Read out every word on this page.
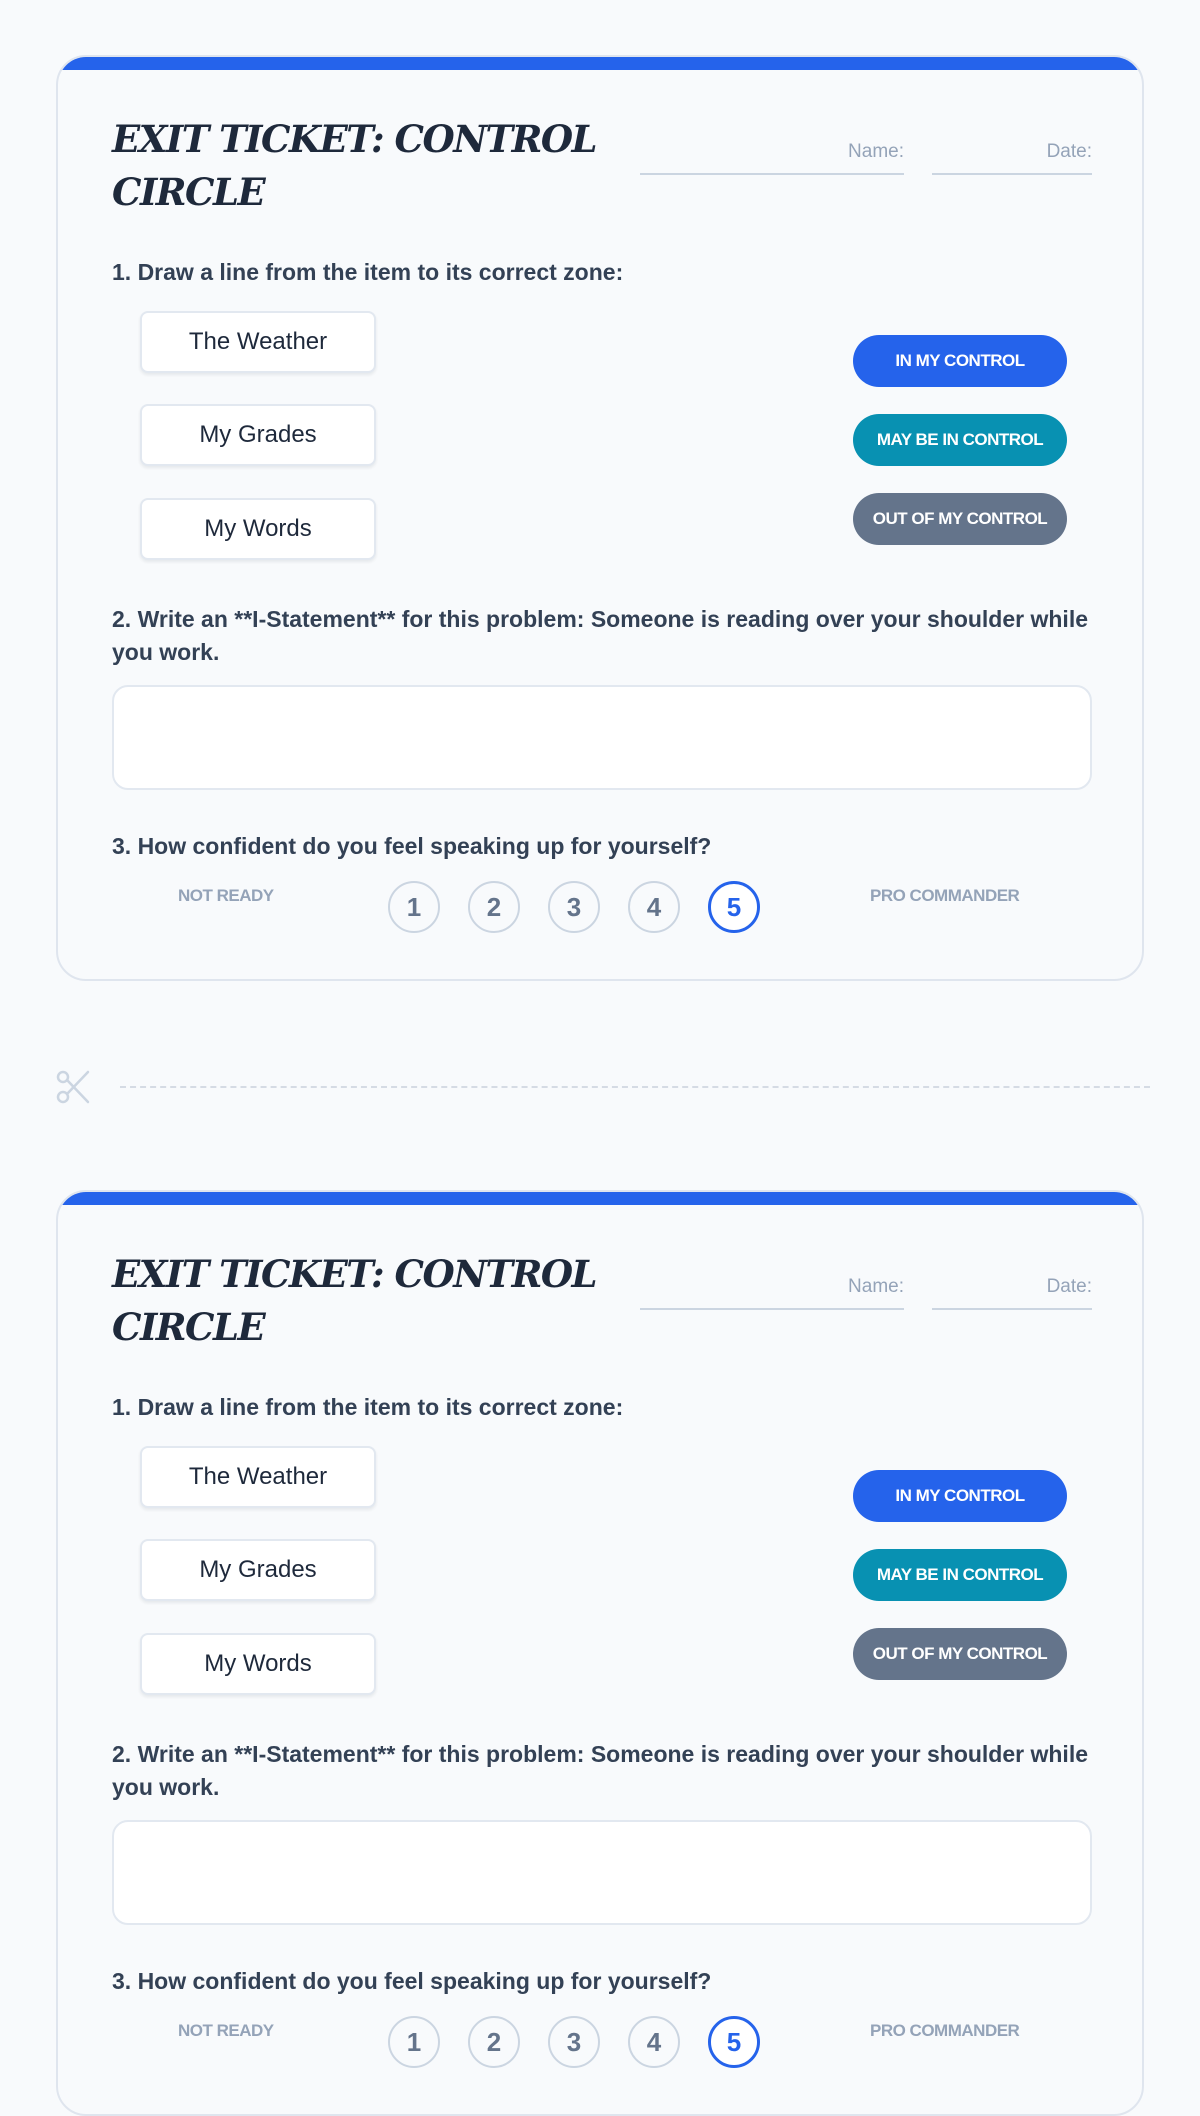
EXIT TICKET: CONTROL CIRCLE
Name:	Date:

1. Draw a line from the item to its correct zone:

The Weather
My Grades
My Words
IN MY CONTROL
MAY BE IN CONTROL
OUT OF MY CONTROL

2. Write an **I-Statement** for this problem: Someone is reading over your shoulder while you work.

3. How confident do you feel speaking up for yourself?

NOT READY	1	2	3	4	5	PRO COMMANDER
EXIT TICKET: CONTROL CIRCLE
Name:	Date:

1. Draw a line from the item to its correct zone:

The Weather
My Grades
My Words
IN MY CONTROL
MAY BE IN CONTROL
OUT OF MY CONTROL

2. Write an **I-Statement** for this problem: Someone is reading over your shoulder while you work.

3. How confident do you feel speaking up for yourself?

NOT READY	1	2	3	4	5	PRO COMMANDER
